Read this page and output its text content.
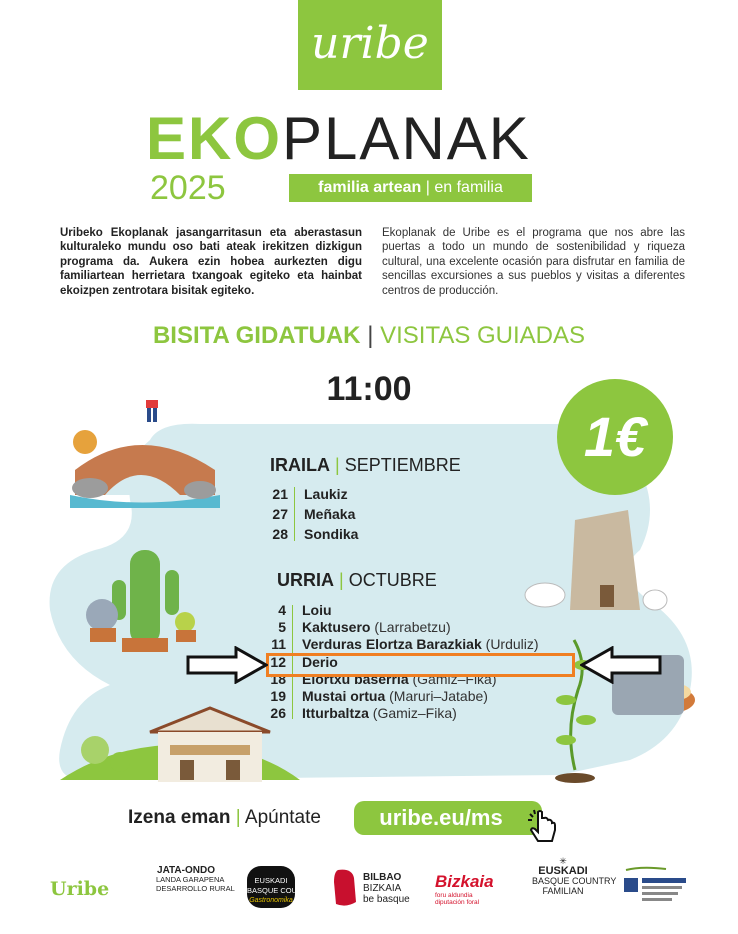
uribe
EKOPLANAK
2025	familia artean | en familia
Uribeko Ekoplanak jasangarritasun eta aberastasun kulturaleko mundu oso bati ateak irekitzen dizkigun programa da. Aukera ezin hobea aurkezten digu familiartean herrietara txangoak egiteko eta hainbat ekoizpen zentrotara bisitak egiteko.
Ekoplanak de Uribe es el programa que nos abre las puertas a todo un mundo de sostenibilidad y riqueza cultural, una excelente ocasión para disfrutar en familia de sencillas excursiones a sus pueblos y visitas a diferentes centros de producción.
BISITA GIDATUAK | VISITAS GUIADAS
11:00
1€
IRAILA | SEPTIEMBRE
21 Laukiz
27 Meñaka
28 Sondika
URRIA | OCTUBRE
4 Loiu
5 Kaktusero (Larrabetzu)
11 Verduras Elortza Barazkiak (Urduliz)
12 Derio
18 Elortxu baserria (Gamiz–Fika)
19 Mustai ortua (Maruri–Jatabe)
26 Itturbaltza (Gamiz–Fika)
Izena eman | Apúntate	uribe.eu/ms
Uribe
JATA-ONDO
LANDA GARAPENA
DESARROLLO RURAL
EUSKADI
BASQUE COUNTRY
Gastronomika
BILBAO
BIZKAIA
be basque
Bizkaia
foru aldundia
diputación foral
✳
EUSKADI
BASQUE COUNTRY
FAMILIAN
